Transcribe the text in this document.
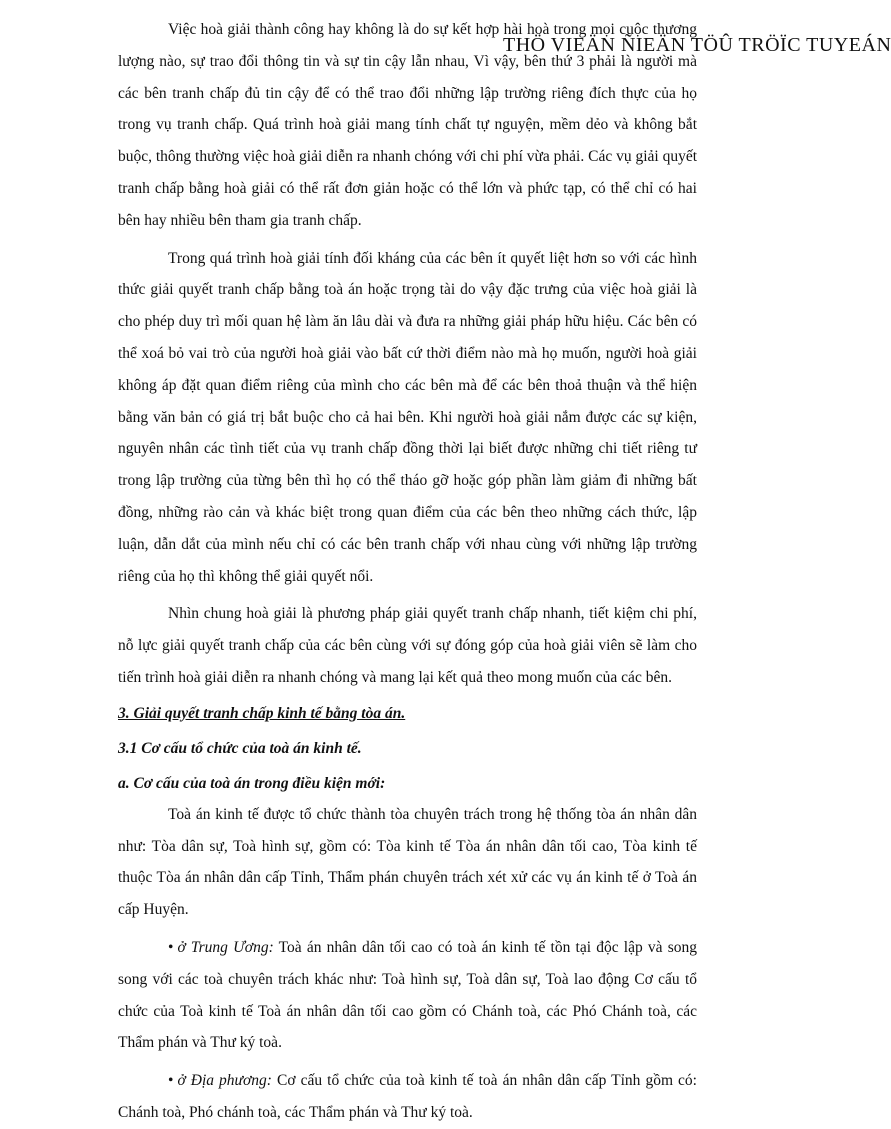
THÖ VIEÄN ÑIEÄN TÖÛ TRÖÏC TUYEÁN

Việc hoà giải thành công hay không là do sự kết hợp hài hoà trong mọi cuộc thương lượng nào, sự trao đổi thông tin và sự tin cậy lẫn nhau, Vì vậy, bên thứ 3 phải là người mà các bên tranh chấp đủ tin cậy để có thể trao đổi những lập trường riêng đích thực của họ trong vụ tranh chấp. Quá trình hoà giải mang tính chất tự nguyện, mềm dẻo và không bắt buộc, thông thường việc hoà giải diễn ra nhanh chóng với chi phí vừa phải. Các vụ giải quyết tranh chấp bằng hoà giải có thể rất đơn giản hoặc có thể lớn và phức tạp, có thể chỉ có hai bên hay nhiều bên tham gia tranh chấp.

Trong quá trình hoà giải tính đối kháng của các bên ít quyết liệt hơn so với các hình thức giải quyết tranh chấp bằng toà án hoặc trọng tài do vậy đặc trưng của việc hoà giải là cho phép duy trì mối quan hệ làm ăn lâu dài và đưa ra những giải pháp hữu hiệu. Các bên có thể xoá bỏ vai trò của người hoà giải vào bất cứ thời điểm nào mà họ muốn, người hoà giải không áp đặt quan điểm riêng của mình cho các bên mà để các bên thoả thuận và thể hiện bằng văn bản có giá trị bắt buộc cho cả hai bên. Khi người hoà giải nắm được các sự kiện, nguyên nhân các tình tiết của vụ tranh chấp đồng thời lại biết được những chi tiết riêng tư trong lập trường của từng bên thì họ có thể tháo gỡ hoặc góp phần làm giảm đi những bất đồng, những rào cản và khác biệt trong quan điểm của các bên theo những cách thức, lập luận, dẫn dắt của mình nếu chỉ có các bên tranh chấp với nhau cùng với những lập trường riêng của họ thì không thể giải quyết nổi.

Nhìn chung hoà giải là phương pháp giải quyết tranh chấp nhanh, tiết kiệm chi phí, nỗ lực giải quyết tranh chấp của các bên cùng với sự đóng góp của hoà giải viên sẽ làm cho tiến trình hoà giải diễn ra nhanh chóng và mang lại kết quả theo mong muốn của các bên.

3. Giải quyết tranh chấp kinh tế bằng tòa án.
3.1 Cơ cấu tổ chức của toà án kinh tế.
a. Cơ cấu của toà án trong điều kiện mới:

Toà án kinh tế được tổ chức thành tòa chuyên trách trong hệ thống tòa án nhân dân như: Tòa dân sự, Toà hình sự, gồm có: Tòa kinh tế Tòa án nhân dân tối cao, Tòa kinh tế thuộc Tòa án nhân dân cấp Tỉnh, Thẩm phán chuyên trách xét xử các vụ án kinh tế ở Toà án cấp Huyện.

• ở Trung Ương: Toà án nhân dân tối cao có toà án kinh tế tồn tại độc lập và song song với các toà chuyên trách khác như: Toà hình sự, Toà dân sự, Toà lao động Cơ cấu tổ chức của Toà kinh tế Toà án nhân dân tối cao gồm có Chánh toà, các Phó Chánh toà, các Thẩm phán và Thư ký toà.

• ở Địa phương: Cơ cấu tổ chức của toà kinh tế toà án nhân dân cấp Tỉnh gồm có: Chánh toà, Phó chánh toà, các Thẩm phán và Thư ký toà.
